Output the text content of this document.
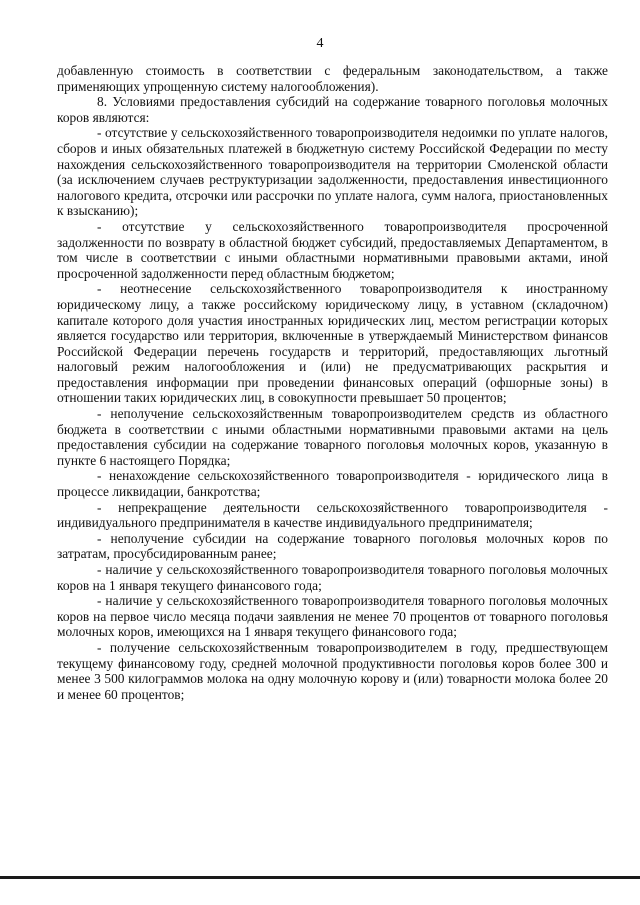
4

добавленную стоимость в соответствии с федеральным законодательством, а также применяющих упрощенную систему налогообложения).

8. Условиями предоставления субсидий на содержание товарного поголовья молочных коров являются:

- отсутствие у сельскохозяйственного товаропроизводителя недоимки по уплате налогов, сборов и иных обязательных платежей в бюджетную систему Российской Федерации по месту нахождения сельскохозяйственного товаропроизводителя на территории Смоленской области (за исключением случаев реструктуризации задолженности, предоставления инвестиционного налогового кредита, отсрочки или рассрочки по уплате налога, сумм налога, приостановленных к взысканию);

- отсутствие у сельскохозяйственного товаропроизводителя просроченной задолженности по возврату в областной бюджет субсидий, предоставляемых Департаментом, в том числе в соответствии с иными областными нормативными правовыми актами, иной просроченной задолженности перед областным бюджетом;

- неотнесение сельскохозяйственного товаропроизводителя к иностранному юридическому лицу, а также российскому юридическому лицу, в уставном (складочном) капитале которого доля участия иностранных юридических лиц, местом регистрации которых является государство или территория, включенные в утверждаемый Министерством финансов Российской Федерации перечень государств и территорий, предоставляющих льготный налоговый режим налогообложения и (или) не предусматривающих раскрытия и предоставления информации при проведении финансовых операций (офшорные зоны) в отношении таких юридических лиц, в совокупности превышает 50 процентов;

- неполучение сельскохозяйственным товаропроизводителем средств из областного бюджета в соответствии с иными областными нормативными правовыми актами на цель предоставления субсидии на содержание товарного поголовья молочных коров, указанную в пункте 6 настоящего Порядка;

- ненахождение сельскохозяйственного товаропроизводителя - юридического лица в процессе ликвидации, банкротства;

- непрекращение деятельности сельскохозяйственного товаропроизводителя - индивидуального предпринимателя в качестве индивидуального предпринимателя;

- неполучение субсидии на содержание товарного поголовья молочных коров по затратам, просубсидированным ранее;

- наличие у сельскохозяйственного товаропроизводителя товарного поголовья молочных коров на 1 января текущего финансового года;

- наличие у сельскохозяйственного товаропроизводителя товарного поголовья молочных коров на первое число месяца подачи заявления не менее 70 процентов от товарного поголовья молочных коров, имеющихся на 1 января текущего финансового года;

- получение сельскохозяйственным товаропроизводителем в году, предшествующем текущему финансовому году, средней молочной продуктивности поголовья коров более 300 и менее 3 500 килограммов молока на одну молочную корову и (или) товарности молока более 20 и менее 60 процентов;
